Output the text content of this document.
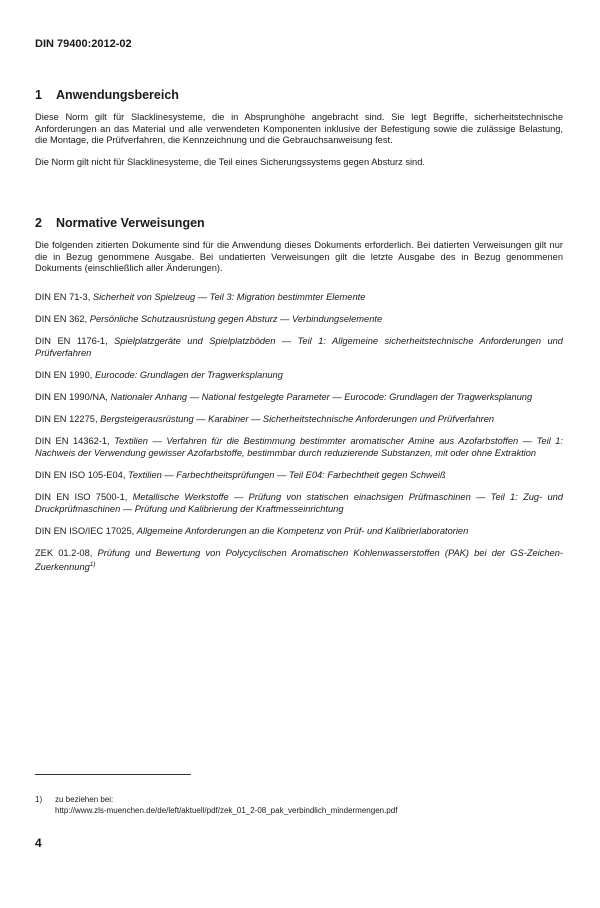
DIN 79400:2012-02
1 Anwendungsbereich

Diese Norm gilt für Slacklinesysteme, die in Absprunghöhe angebracht sind. Sie legt Begriffe, sicherheitstechnische Anforderungen an das Material und alle verwendeten Komponenten inklusive der Befestigung sowie die zulässige Belastung, die Montage, die Prüfverfahren, die Kennzeichnung und die Gebrauchsanweisung fest.

Die Norm gilt nicht für Slacklinesysteme, die Teil eines Sicherungssystems gegen Absturz sind.

2 Normative Verweisungen

Die folgenden zitierten Dokumente sind für die Anwendung dieses Dokuments erforderlich. Bei datierten Verweisungen gilt nur die in Bezug genommene Ausgabe. Bei undatierten Verweisungen gilt die letzte Ausgabe des in Bezug genommenen Dokuments (einschließlich aller Änderungen).

DIN EN 71-3, Sicherheit von Spielzeug — Teil 3: Migration bestimmter Elemente

DIN EN 362, Persönliche Schutzausrüstung gegen Absturz — Verbindungselemente

DIN EN 1176-1, Spielplatzgeräte und Spielplatzböden — Teil 1: Allgemeine sicherheitstechnische Anforderungen und Prüfverfahren

DIN EN 1990, Eurocode: Grundlagen der Tragwerksplanung

DIN EN 1990/NA, Nationaler Anhang — National festgelegte Parameter — Eurocode: Grundlagen der Tragwerksplanung

DIN EN 12275, Bergsteigerausrüstung — Karabiner — Sicherheitstechnische Anforderungen und Prüfverfahren

DIN EN 14362-1, Textilien — Verfahren für die Bestimmung bestimmter aromatischer Amine aus Azofarbstoffen — Teil 1: Nachweis der Verwendung gewisser Azofarbstoffe, bestimmbar durch reduzierende Substanzen, mit oder ohne Extraktion

DIN EN ISO 105-E04, Textilien — Farbechtheitsprüfungen — Teil E04: Farbechtheit gegen Schweiß

DIN EN ISO 7500-1, Metallische Werkstoffe — Prüfung von statischen einachsigen Prüfmaschinen — Teil 1: Zug- und Druckprüfmaschinen — Prüfung und Kalibrierung der Kraftmesseinrichtung

DIN EN ISO/IEC 17025, Allgemeine Anforderungen an die Kompetenz von Prüf- und Kalibrierlaboratorien

ZEK 01.2-08, Prüfung und Bewertung von Polycyclischen Aromatischen Kohlenwasserstoffen (PAK) bei der GS-Zeichen-Zuerkennung$^{1)}$

1) zu beziehen bei:
http://www.zls-muenchen.de/de/left/aktuell/pdf/zek_01_2-08_pak_verbindlich_mindermengen.pdf
4
